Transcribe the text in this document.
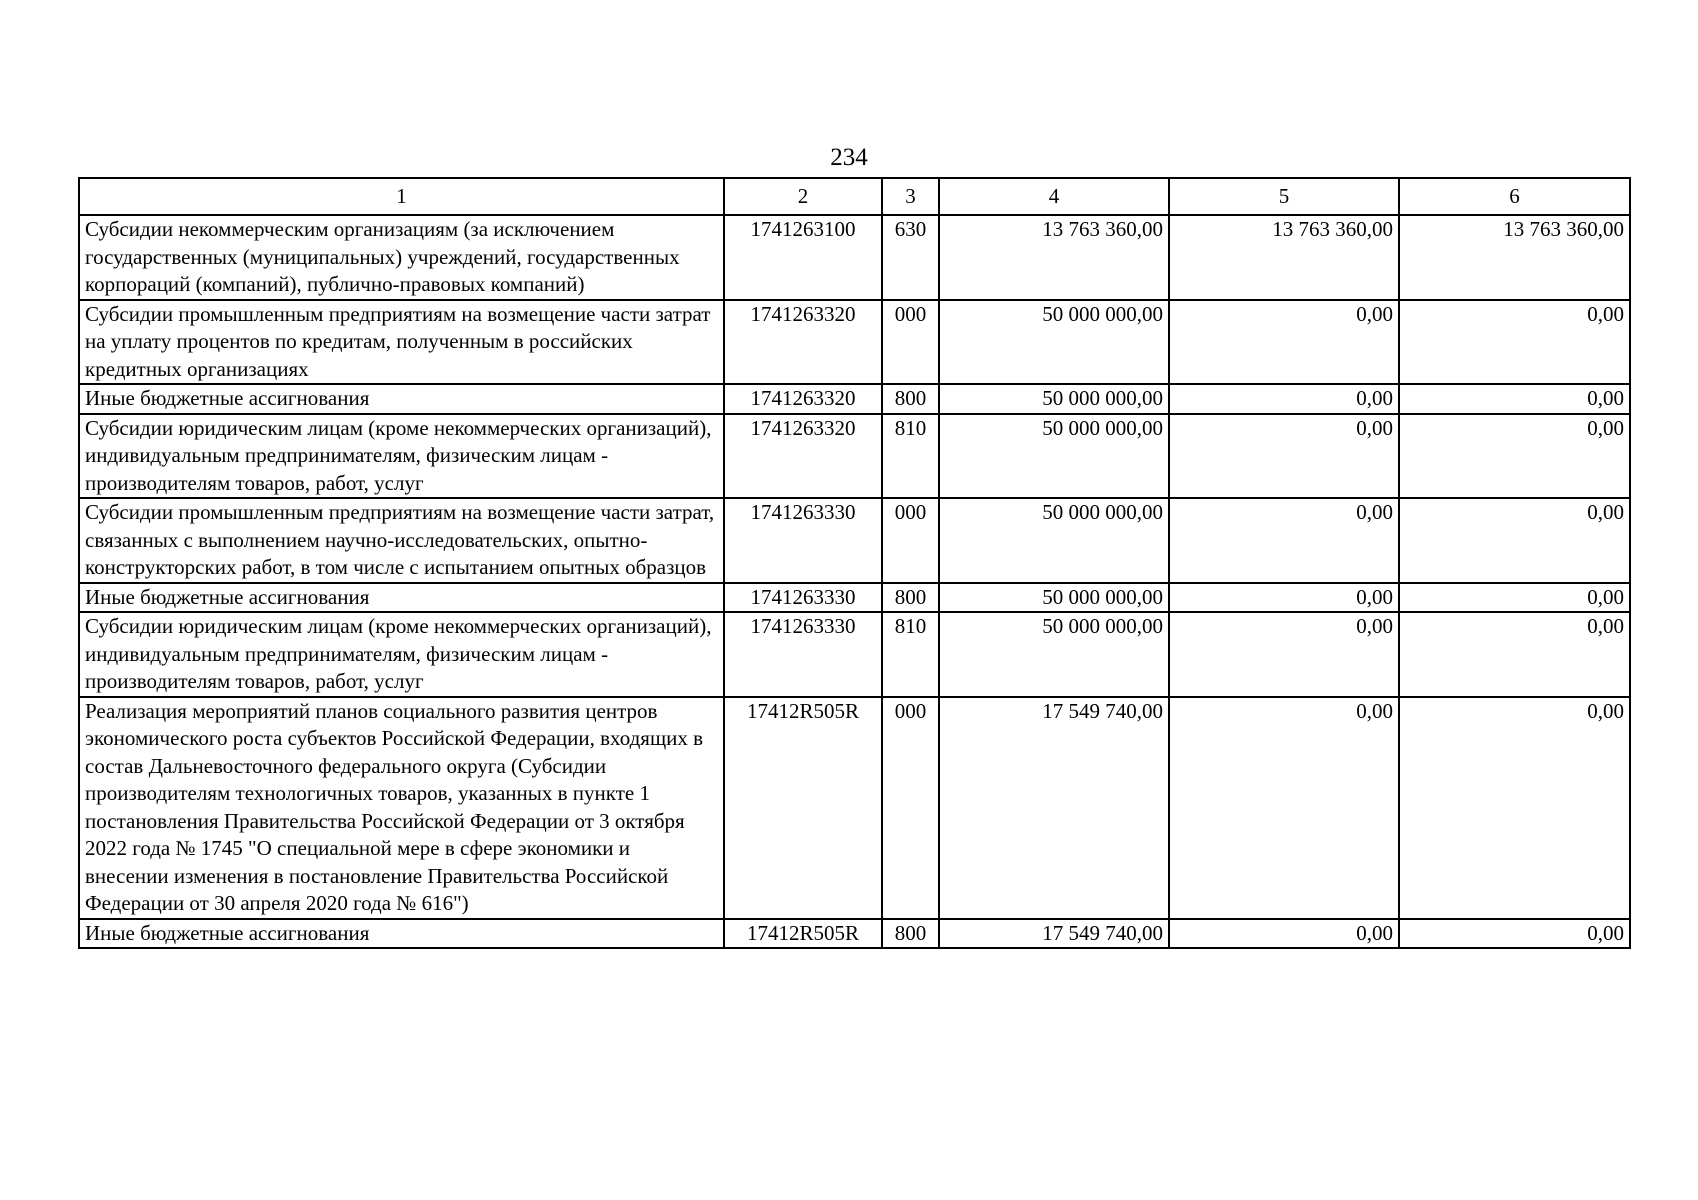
234
1	2	3	4	5	6
Субсидии некоммерческим организациям (за исключением государственных (муниципальных) учреждений, государственных корпораций (компаний), публично-правовых компаний)	1741263100	630	13 763 360,00	13 763 360,00	13 763 360,00
Субсидии промышленным предприятиям на возмещение части затрат на уплату процентов по кредитам, полученным в российских кредитных организациях	1741263320	000	50 000 000,00	0,00	0,00
Иные бюджетные ассигнования	1741263320	800	50 000 000,00	0,00	0,00
Субсидии юридическим лицам (кроме некоммерческих организаций), индивидуальным предпринимателям, физическим лицам - производителям товаров, работ, услуг	1741263320	810	50 000 000,00	0,00	0,00
Субсидии промышленным предприятиям на возмещение части затрат, связанных с выполнением научно-исследовательских, опытно-конструкторских работ, в том числе с испытанием опытных образцов	1741263330	000	50 000 000,00	0,00	0,00
Иные бюджетные ассигнования	1741263330	800	50 000 000,00	0,00	0,00
Субсидии юридическим лицам (кроме некоммерческих организаций), индивидуальным предпринимателям, физическим лицам - производителям товаров, работ, услуг	1741263330	810	50 000 000,00	0,00	0,00
Реализация мероприятий планов социального развития центров экономического роста субъектов Российской Федерации, входящих в состав Дальневосточного федерального округа (Субсидии производителям технологичных товаров, указанных в пункте 1 постановления Правительства Российской Федерации от 3 октября 2022 года № 1745 "О специальной мере в сфере экономики и внесении изменения в постановление Правительства Российской Федерации от 30 апреля 2020 года № 616")	17412R505R	000	17 549 740,00	0,00	0,00
Иные бюджетные ассигнования	17412R505R	800	17 549 740,00	0,00	0,00
